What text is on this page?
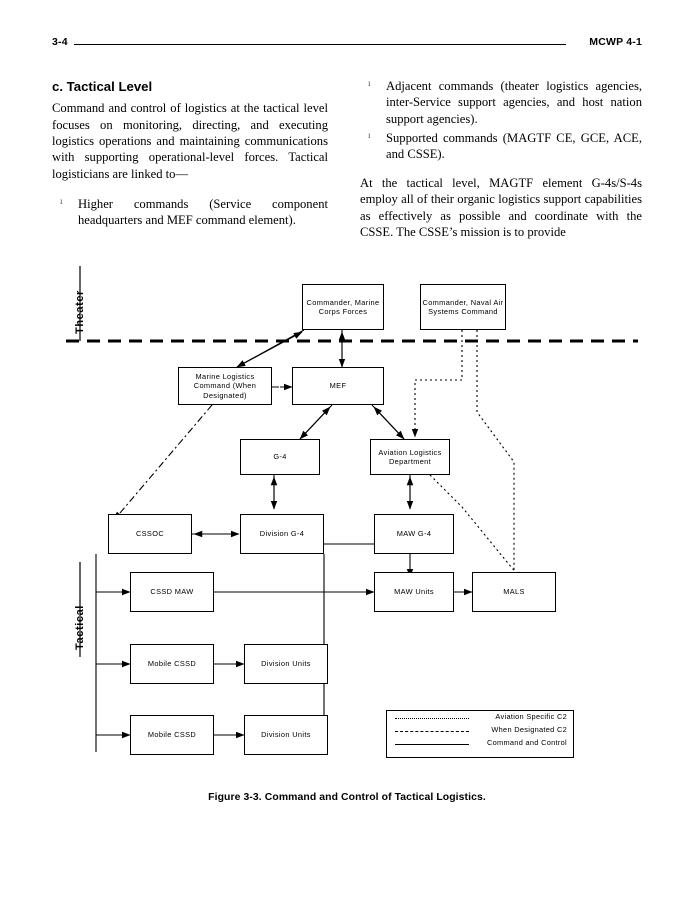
3-4	MCWP 4-1
c. Tactical Level
Command and control of logistics at the tactical level focuses on monitoring, directing, and executing logistics operations and maintaining communications with supporting operational-level forces. Tactical logisticians are linked to—
ı Higher commands (Service component headquarters and MEF command element).
ı Adjacent commands (theater logistics agencies, inter-Service support agencies, and host nation support agencies).
ı Supported commands (MAGTF CE, GCE, ACE, and CSSE).
At the tactical level, MAGTF element G-4s/S-4s employ all of their organic logistics support capabilities as effectively as possible and coordinate with the CSSE. The CSSE’s mission is to provide
Theater
Tactical
Commander, Marine Corps Forces
Commander, Naval Air Systems Command
Marine Logistics Command (When Designated)
MEF
G-4
Aviation Logistics Department
CSSOC	Division G-4	MAW G-4
CSSD MAW	MAW Units	MALS
Mobile CSSD	Division Units
Mobile CSSD	Division Units
Aviation Specific C2
When Designated C2
Command and Control
Figure 3-3. Command and Control of Tactical Logistics.
